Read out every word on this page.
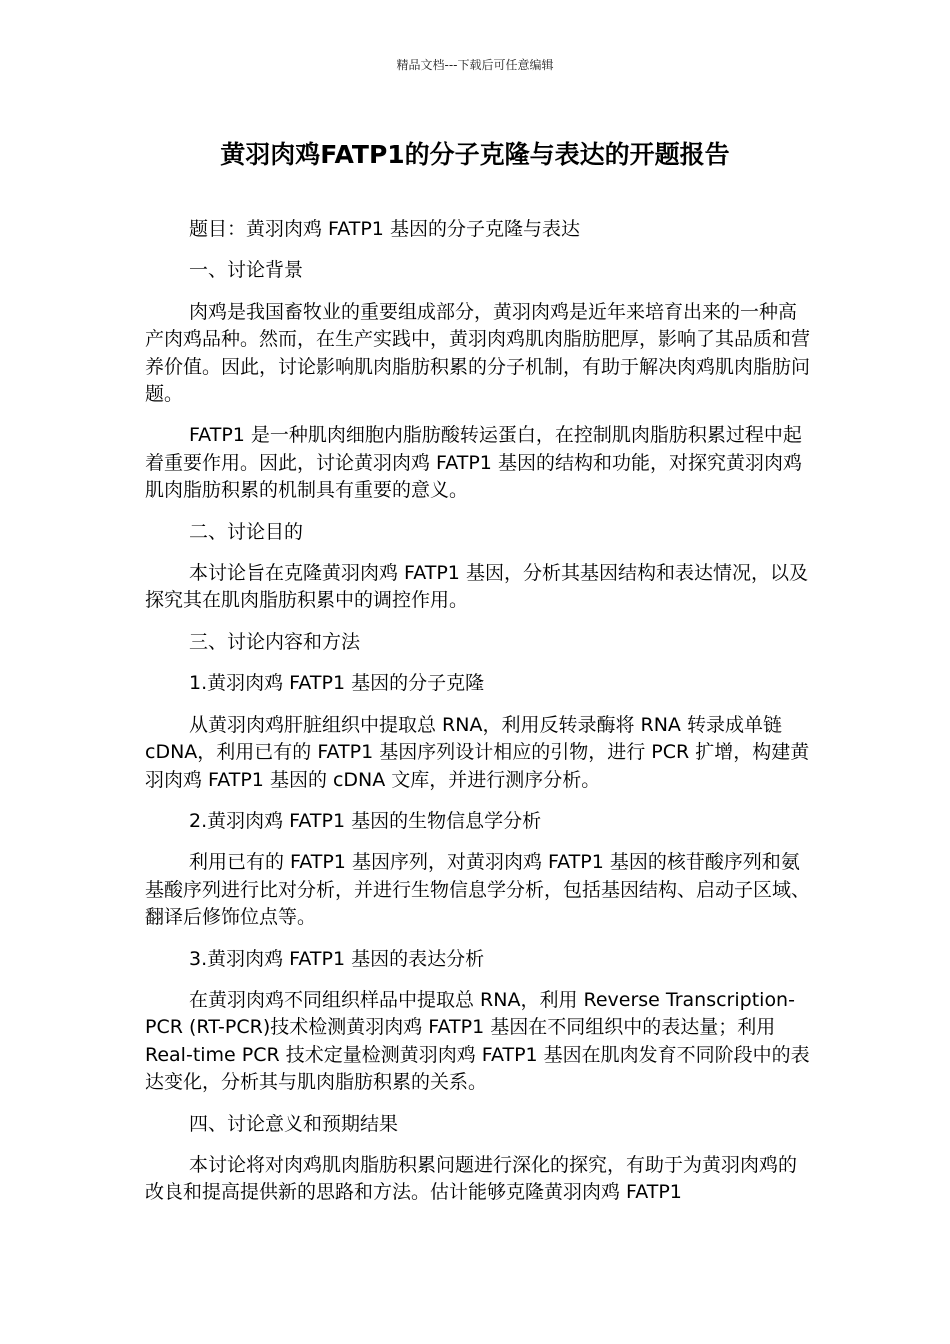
精品文档---下载后可任意编辑
黄羽肉鸡FATP1的分子克隆与表达的开题报告

题目：黄羽肉鸡 FATP1 基因的分子克隆与表达

一、讨论背景

肉鸡是我国畜牧业的重要组成部分，黄羽肉鸡是近年来培育出来的一种高产肉鸡品种。然而，在生产实践中，黄羽肉鸡肌肉脂肪肥厚，影响了其品质和营养价值。因此，讨论影响肌肉脂肪积累的分子机制，有助于解决肉鸡肌肉脂肪问题。

FATP1 是一种肌肉细胞内脂肪酸转运蛋白，在控制肌肉脂肪积累过程中起着重要作用。因此，讨论黄羽肉鸡 FATP1 基因的结构和功能，对探究黄羽肉鸡肌肉脂肪积累的机制具有重要的意义。

二、讨论目的

本讨论旨在克隆黄羽肉鸡 FATP1 基因，分析其基因结构和表达情况，以及探究其在肌肉脂肪积累中的调控作用。

三、讨论内容和方法

1.黄羽肉鸡 FATP1 基因的分子克隆

从黄羽肉鸡肝脏组织中提取总 RNA，利用反转录酶将 RNA 转录成单链 cDNA，利用已有的 FATP1 基因序列设计相应的引物，进行 PCR 扩增，构建黄羽肉鸡 FATP1 基因的 cDNA 文库，并进行测序分析。

2.黄羽肉鸡 FATP1 基因的生物信息学分析

利用已有的 FATP1 基因序列，对黄羽肉鸡 FATP1 基因的核苷酸序列和氨基酸序列进行比对分析，并进行生物信息学分析，包括基因结构、启动子区域、翻译后修饰位点等。

3.黄羽肉鸡 FATP1 基因的表达分析

在黄羽肉鸡不同组织样品中提取总 RNA，利用 Reverse Transcription-PCR (RT-PCR)技术检测黄羽肉鸡 FATP1 基因在不同组织中的表达量；利用 Real-time PCR 技术定量检测黄羽肉鸡 FATP1 基因在肌肉发育不同阶段中的表达变化，分析其与肌肉脂肪积累的关系。

四、讨论意义和预期结果

本讨论将对肉鸡肌肉脂肪积累问题进行深化的探究，有助于为黄羽肉鸡的改良和提高提供新的思路和方法。估计能够克隆黄羽肉鸡 FATP1
